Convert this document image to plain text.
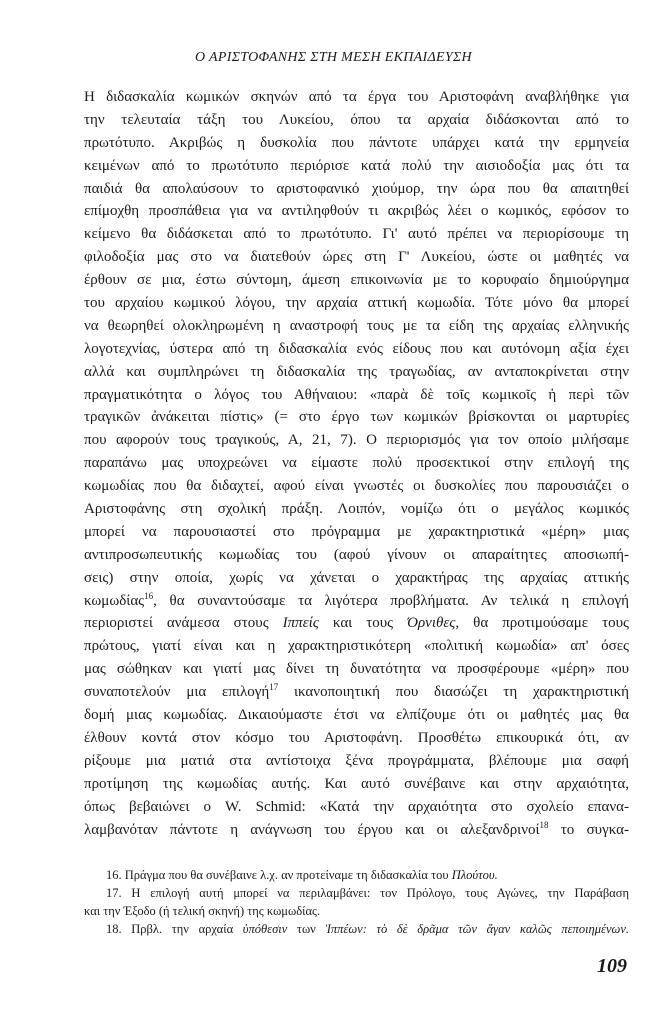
Ο ΑΡΙΣΤΟΦΑΝΗΣ ΣΤΗ ΜΕΣΗ ΕΚΠΑΙΔΕΥΣΗ
Η διδασκαλία κωμικών σκηνών από τα έργα του Αριστοφάνη αναβλήθηκε για
την τελευταία τάξη του Λυκείου, όπου τα αρχαία διδάσκονται από το
πρωτότυπο. Ακριβώς η δυσκολία που πάντοτε υπάρχει κατά την ερμηνεία
κειμένων από το πρωτότυπο περιόρισε κατά πολύ την αισιοδοξία μας ότι τα
παιδιά θα απολαύσουν το αριστοφανικό χιούμορ, την ώρα που θα απαιτηθεί
επίμοχθη προσπάθεια για να αντιληφθούν τι ακριβώς λέει ο κωμικός, εφόσον το
κείμενο θα διδάσκεται από το πρωτότυπο. Γι' αυτό πρέπει να περιορίσουμε τη
φιλοδοξία μας στο να διατεθούν ώρες στη Γ' Λυκείου, ώστε οι μαθητές να
έρθουν σε μια, έστω σύντομη, άμεση επικοινωνία με το κορυφαίο δημιούργημα
του αρχαίου κωμικού λόγου, την αρχαία αττική κωμωδία. Τότε μόνο θα μπορεί
να θεωρηθεί ολοκληρωμένη η αναστροφή τους με τα είδη της αρχαίας ελληνικής
λογοτεχνίας, ύστερα από τη διδασκαλία ενός είδους που και αυτόνομη αξία έχει
αλλά και συμπληρώνει τη διδασκαλία της τραγωδίας, αν ανταποκρίνεται στην
πραγματικότητα ο λόγος του Αθήναιου: «παρὰ δὲ τοῖς κωμικοῖς ἡ περὶ τῶν
τραγικῶν ἀνάκειται πίστις» (= στο έργο των κωμικών βρίσκονται οι μαρτυρίες
που αφορούν τους τραγικούς, Α, 21, 7). Ο περιορισμός για τον οποίο μιλήσαμε
παραπάνω μας υποχρεώνει να είμαστε πολύ προσεκτικοί στην επιλογή της
κωμωδίας που θα διδαχτεί, αφού είναι γνωστές οι δυσκολίες που παρουσιάζει ο
Αριστοφάνης στη σχολική πράξη. Λοιπόν, νομίζω ότι ο μεγάλος κωμικός
μπορεί να παρουσιαστεί στο πρόγραμμα με χαρακτηριστικά «μέρη» μιας
αντιπροσωπευτικής κωμωδίας του (αφού γίνουν οι απαραίτητες αποσιωπή-
σεις) στην οποία, χωρίς να χάνεται ο χαρακτήρας της αρχαίας αττικής
κωμωδίας$^{16}$, θα συναντούσαμε τα λιγότερα προβλήματα. Αν τελικά η επιλογή
περιοριστεί ανάμεσα στους Ιππείς και τους Όρνιθες, θα προτιμούσαμε τους
πρώτους, γιατί είναι και η χαρακτηριστικότερη «πολιτική κωμωδία» απ' όσες
μας σώθηκαν και γιατί μας δίνει τη δυνατότητα να προσφέρουμε «μέρη» που
συναποτελούν μια επιλογή$^{17}$ ικανοποιητική που διασώζει τη χαρακτηριστική
δομή μιας κωμωδίας. Δικαιούμαστε έτσι να ελπίζουμε ότι οι μαθητές μας θα
έλθουν κοντά στον κόσμο του Αριστοφάνη. Προσθέτω επικουρικά ότι, αν
ρίξουμε μια ματιά στα αντίστοιχα ξένα προγράμματα, βλέπουμε μια σαφή
προτίμηση της κωμωδίας αυτής. Και αυτό συνέβαινε και στην αρχαιότητα,
όπως βεβαιώνει ο W. Schmid: «Κατά την αρχαιότητα στο σχολείο επανα-
λαμβανόταν πάντοτε η ανάγνωση του έργου και οι αλεξανδρινοί$^{18}$ το συγκα-
16. Πράγμα που θα συνέβαινε λ.χ. αν προτείναμε τη διδασκαλία του Πλούτου.
17. Η επιλογή αυτή μπορεί να περιλαμβάνει: τον Πρόλογο, τους Αγώνες, την Παράβαση
και την Έξοδο (ή τελική σκηνή) της κωμωδίας.
18. Πρβλ. την αρχαία ὑπόθεσιν των Ἱππέων: τὸ δὲ δρᾶμα τῶν ἄγαν καλῶς πεποιημένων.
109
